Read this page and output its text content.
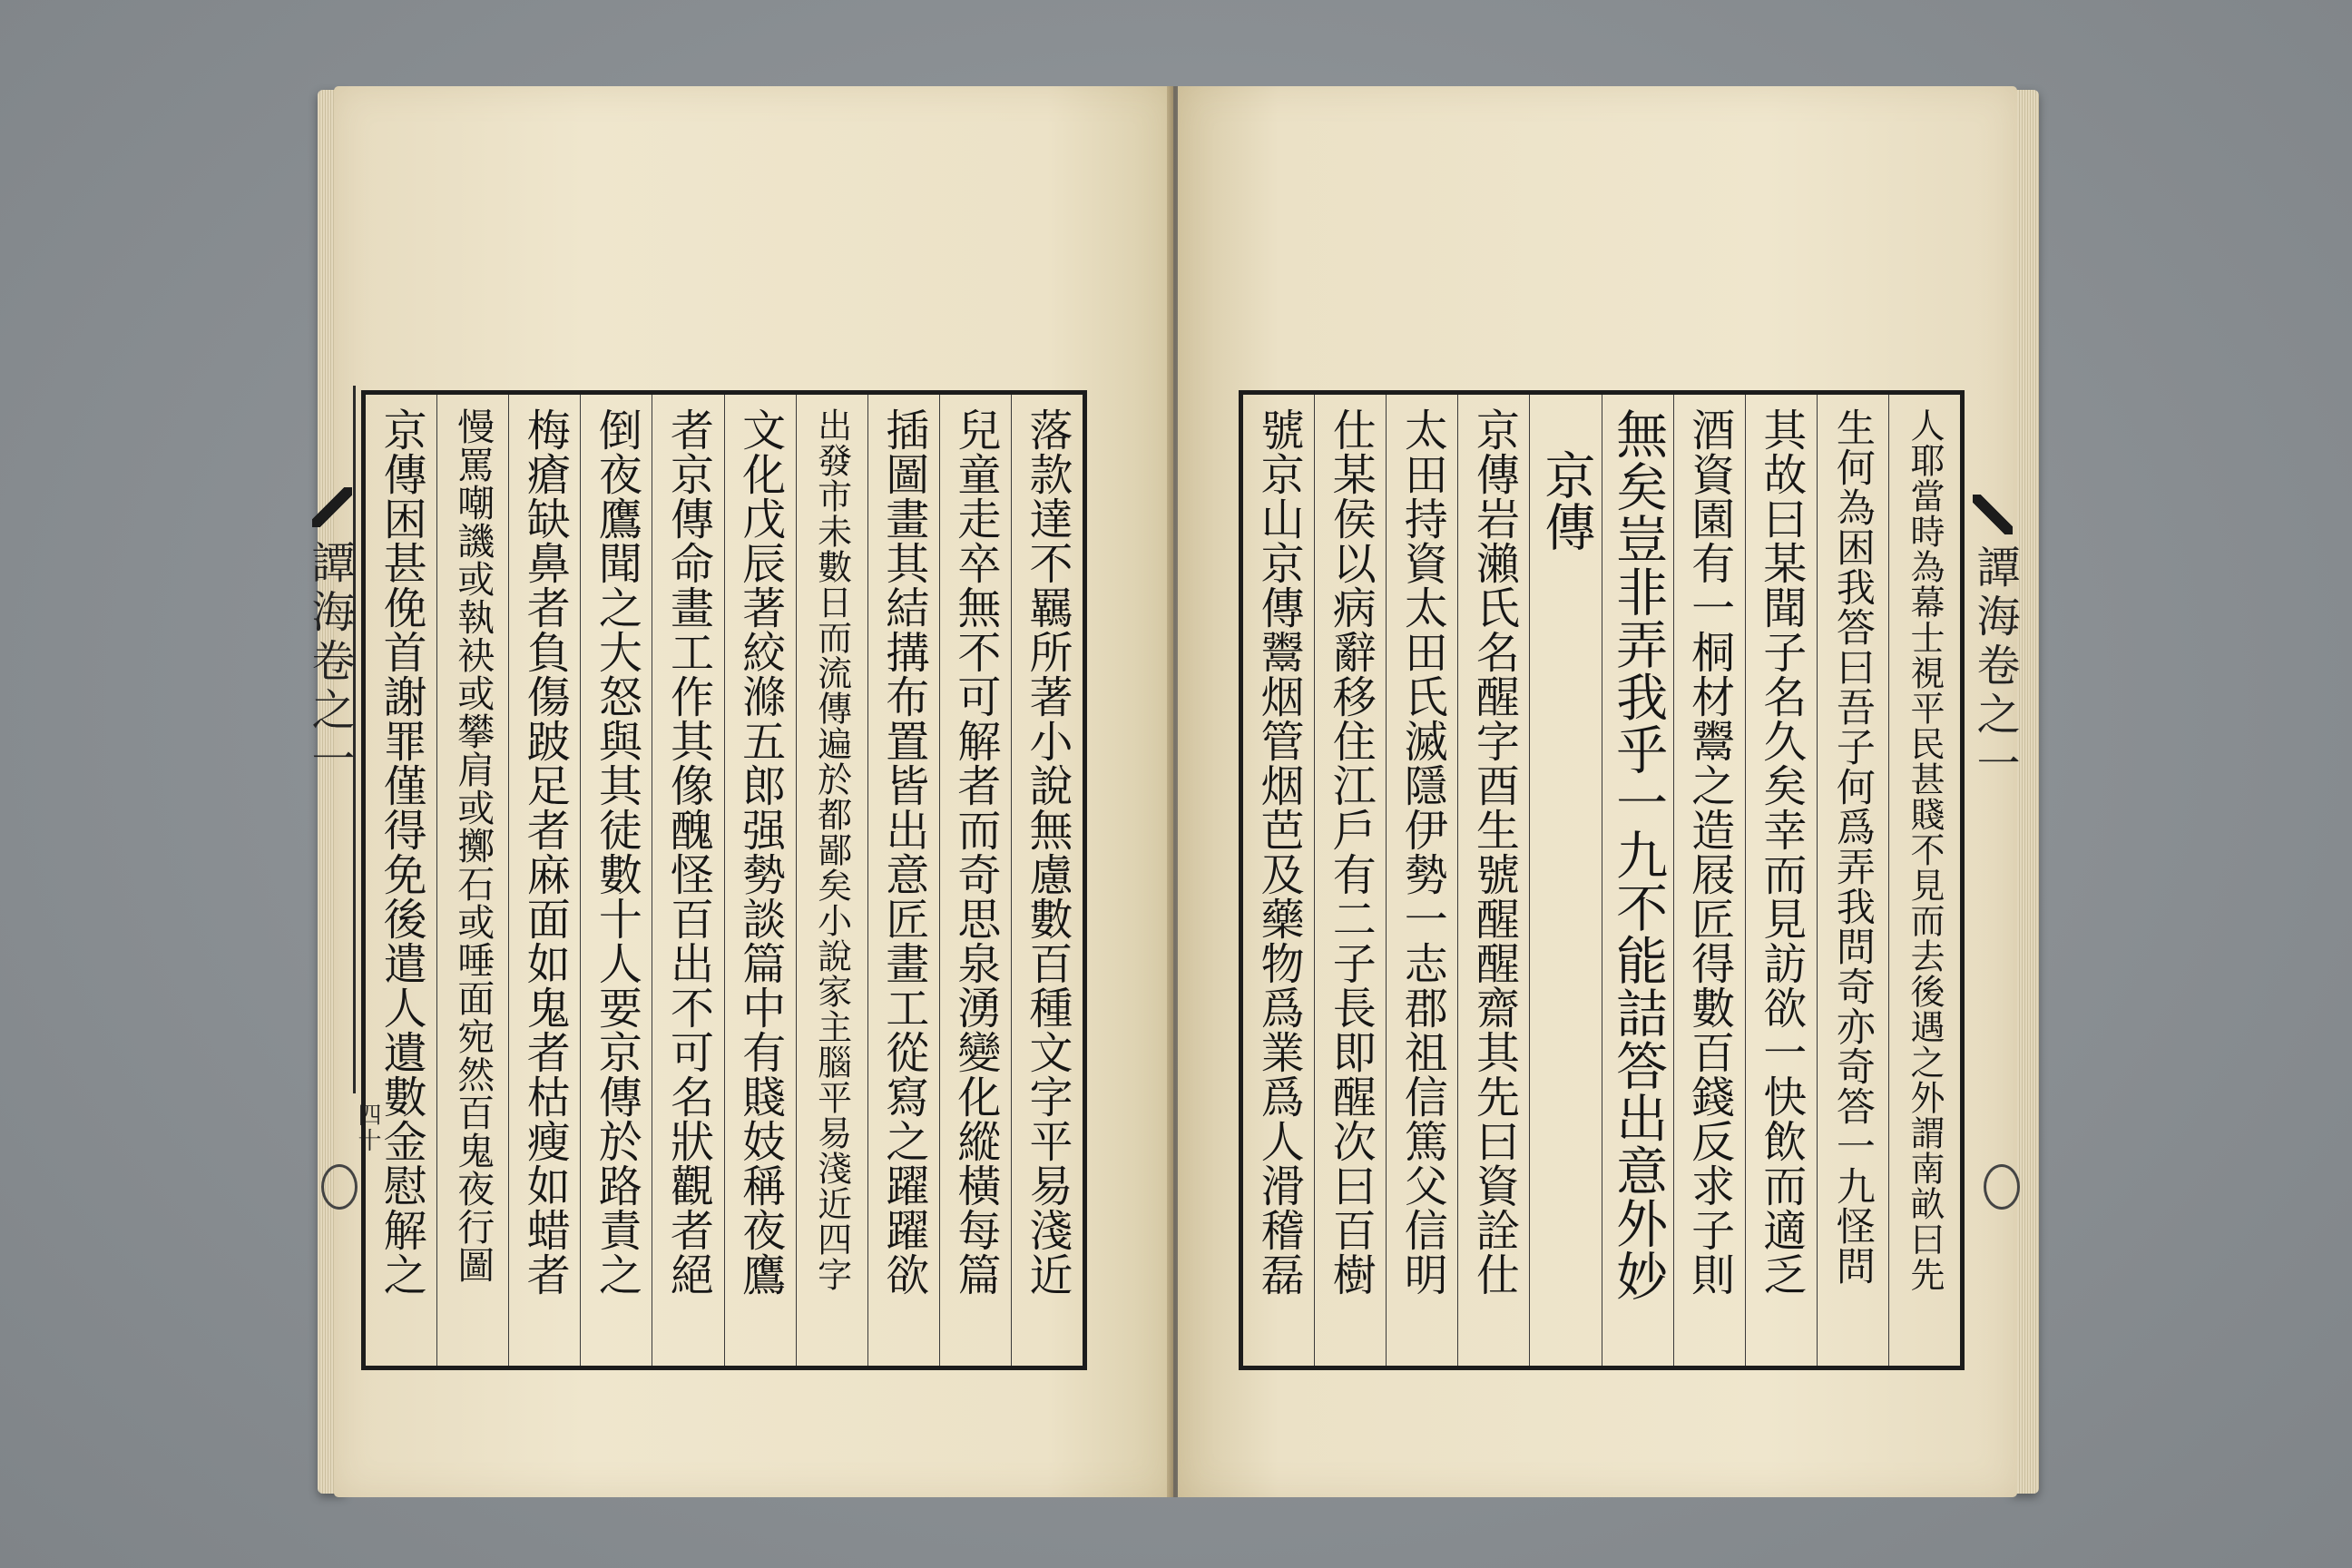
譚海卷之一
四十	落款達不羈所著小說無慮數百種文字平易淺近
兒童走卒無不可解者而奇思泉湧變化縱橫每篇
插圖畫其結搆布置皆出意匠畫工從寫之躍躍欲
出發市未數日而流傳遍於都鄙矣小說家主腦平易淺近四字
文化戊辰著絞滌五郎强勢談篇中有賤妓稱夜鷹
者京傳命畫工作其像醜怪百出不可名狀觀者絕
倒夜鷹聞之大怒與其徒數十人要京傳於路責之
梅瘡缺鼻者負傷跛足者麻面如鬼者枯瘦如蜡者
慢罵嘲譏或執袂或攀肩或擲石或唾面宛然百鬼夜行圖
京傳困甚俛首謝罪僅得免後遣人遺數金慰解之	人耶當時為幕士視平民甚賤不見而去後遇之外謂南畝曰先
生何為困我答曰吾子何爲弄我問奇亦奇答一九怪問
其故曰某聞子名久矣幸而見訪欲一快飲而適乏
酒資園有一桐材鬻之造屐匠得數百錢反求子則
無矣豈非弄我乎一九不能詰答出意外妙
京傳
京傳岩瀨氏名醒字酉生號醒醒齋其先曰資詮仕
太田持資太田氏滅隱伊勢一志郡祖信篤父信明
仕某侯以病辭移住江戶有二子長即醒次曰百樹
號京山京傳鬻烟管烟芭及藥物爲業爲人滑稽磊	譚海卷之一
